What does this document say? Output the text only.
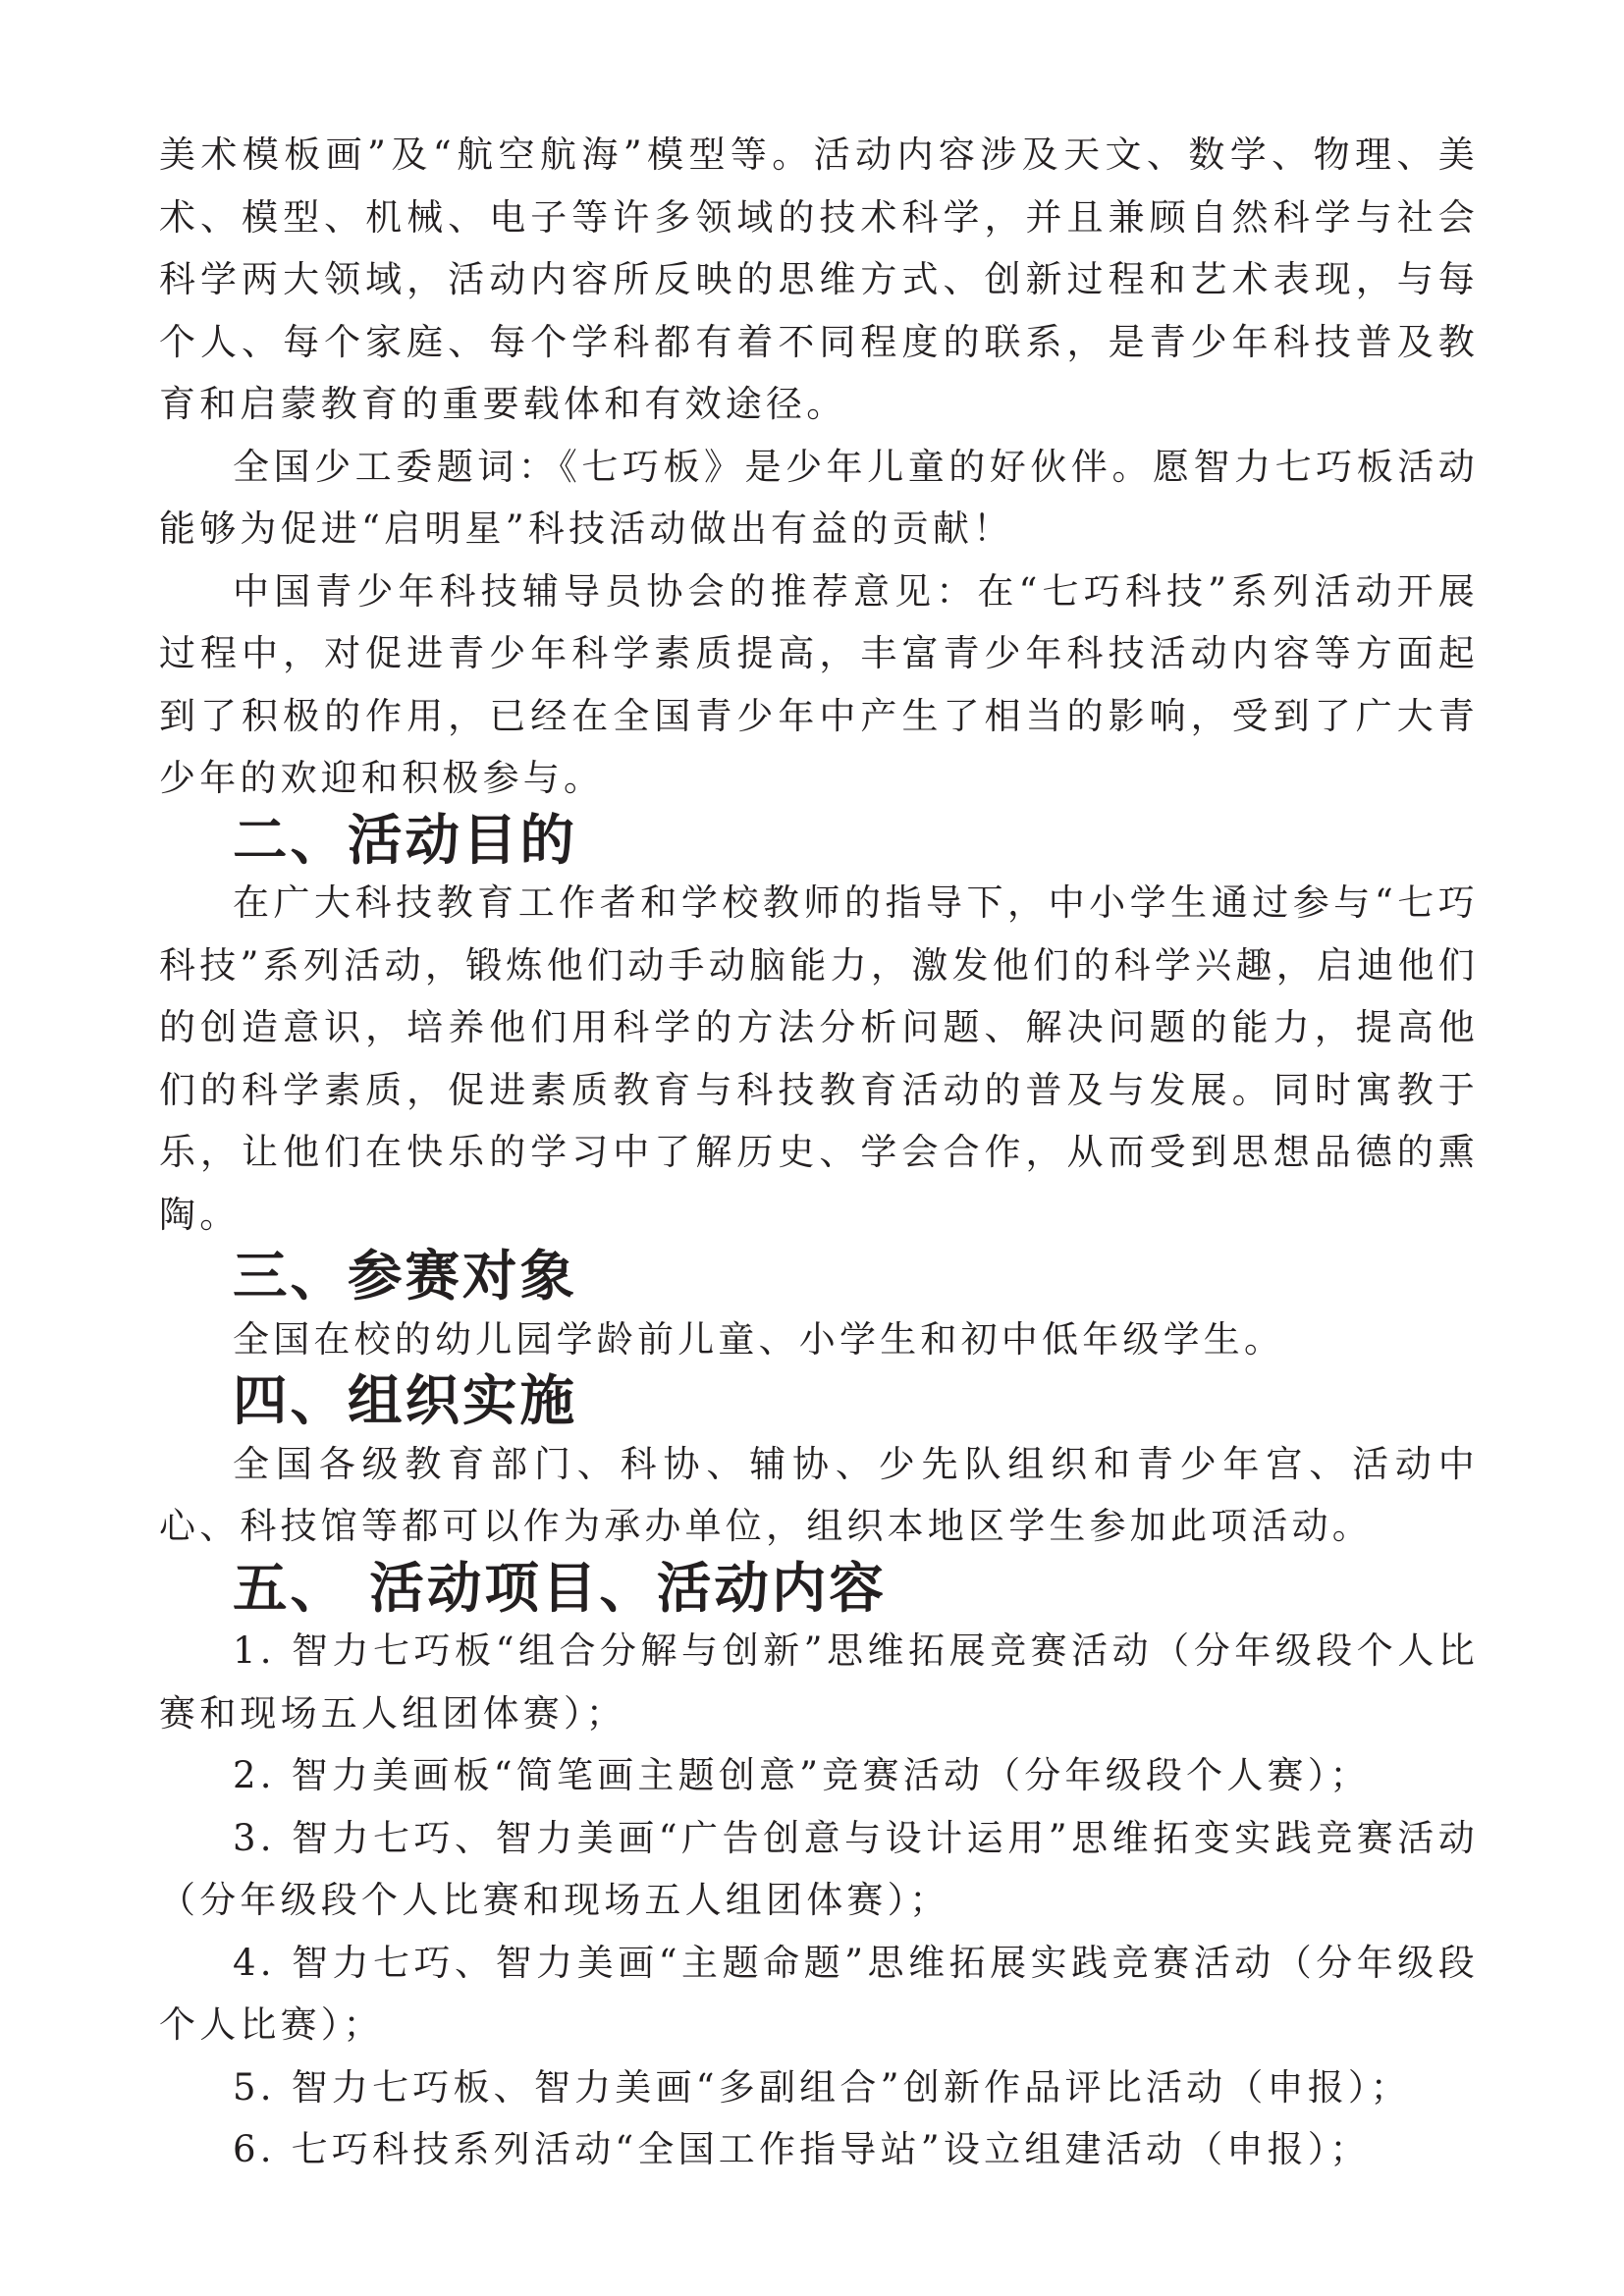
美术模板画”及“航空航海”模型等。活动内容涉及天文、数学、物理、美术、模型、机械、电子等许多领域的技术科学，并且兼顾自然科学与社会科学两大领域，活动内容所反映的思维方式、创新过程和艺术表现，与每个人、每个家庭、每个学科都有着不同程度的联系，是青少年科技普及教育和启蒙教育的重要载体和有效途径。

全国少工委题词：《七巧板》是少年儿童的好伙伴。愿智力七巧板活动能够为促进“启明星”科技活动做出有益的贡献！

中国青少年科技辅导员协会的推荐意见：在“七巧科技”系列活动开展过程中，对促进青少年科学素质提高，丰富青少年科技活动内容等方面起到了积极的作用，已经在全国青少年中产生了相当的影响，受到了广大青少年的欢迎和积极参与。

二、活动目的

在广大科技教育工作者和学校教师的指导下，中小学生通过参与“七巧科技”系列活动，锻炼他们动手动脑能力，激发他们的科学兴趣，启迪他们的创造意识，培养他们用科学的方法分析问题、解决问题的能力，提高他们的科学素质，促进素质教育与科技教育活动的普及与发展。同时寓教于乐，让他们在快乐的学习中了解历史、学会合作，从而受到思想品德的熏陶。

三、参赛对象

全国在校的幼儿园学龄前儿童、小学生和初中低年级学生。

四、组织实施

全国各级教育部门、科协、辅协、少先队组织和青少年宫、活动中心、科技馆等都可以作为承办单位，组织本地区学生参加此项活动。

五、 活动项目、活动内容

1. 智力七巧板“组合分解与创新”思维拓展竞赛活动（分年级段个人比赛和现场五人组团体赛）；

2. 智力美画板“简笔画主题创意”竞赛活动（分年级段个人赛）；

3. 智力七巧、智力美画“广告创意与设计运用”思维拓变实践竞赛活动（分年级段个人比赛和现场五人组团体赛）；

4. 智力七巧、智力美画“主题命题”思维拓展实践竞赛活动（分年级段个人比赛）；

5. 智力七巧板、智力美画“多副组合”创新作品评比活动（申报）；

6. 七巧科技系列活动“全国工作指导站”设立组建活动（申报）；
